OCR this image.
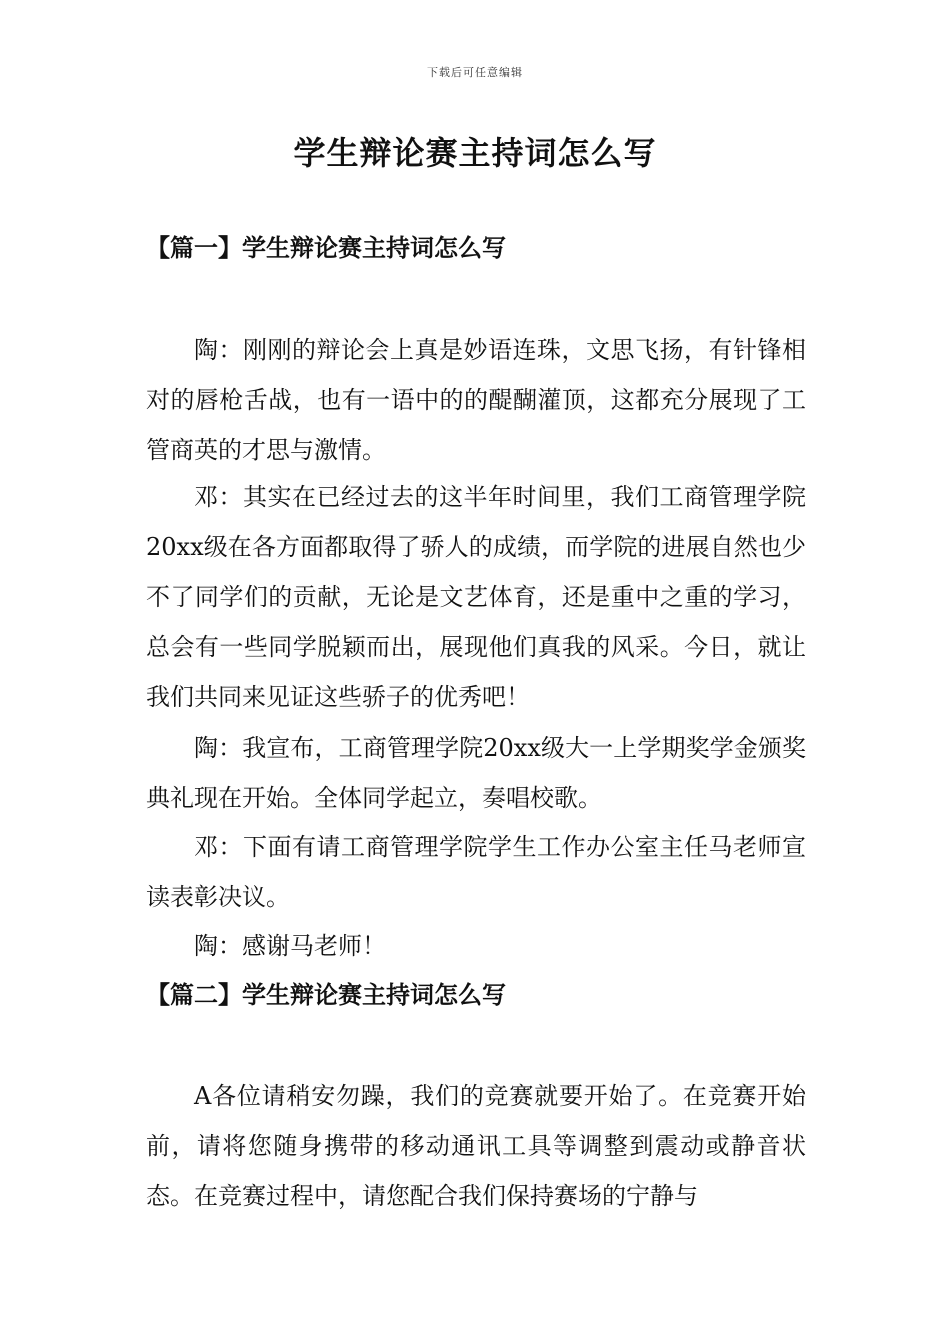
下载后可任意编辑
学生辩论赛主持词怎么写
【篇一】学生辩论赛主持词怎么写

陶：刚刚的辩论会上真是妙语连珠，文思飞扬，有针锋相对的唇枪舌战，也有一语中的的醍醐灌顶，这都充分展现了工管商英的才思与激情。

邓：其实在已经过去的这半年时间里，我们工商管理学院20xx级在各方面都取得了骄人的成绩，而学院的进展自然也少不了同学们的贡献，无论是文艺体育，还是重中之重的学习，总会有一些同学脱颖而出，展现他们真我的风采。今日，就让我们共同来见证这些骄子的优秀吧！

陶：我宣布，工商管理学院20xx级大一上学期奖学金颁奖典礼现在开始。全体同学起立，奏唱校歌。

邓：下面有请工商管理学院学生工作办公室主任马老师宣读表彰决议。

陶：感谢马老师！

【篇二】学生辩论赛主持词怎么写

A各位请稍安勿躁，我们的竞赛就要开始了。在竞赛开始前，请将您随身携带的移动通讯工具等调整到震动或静音状态。在竞赛过程中，请您配合我们保持赛场的宁静与
